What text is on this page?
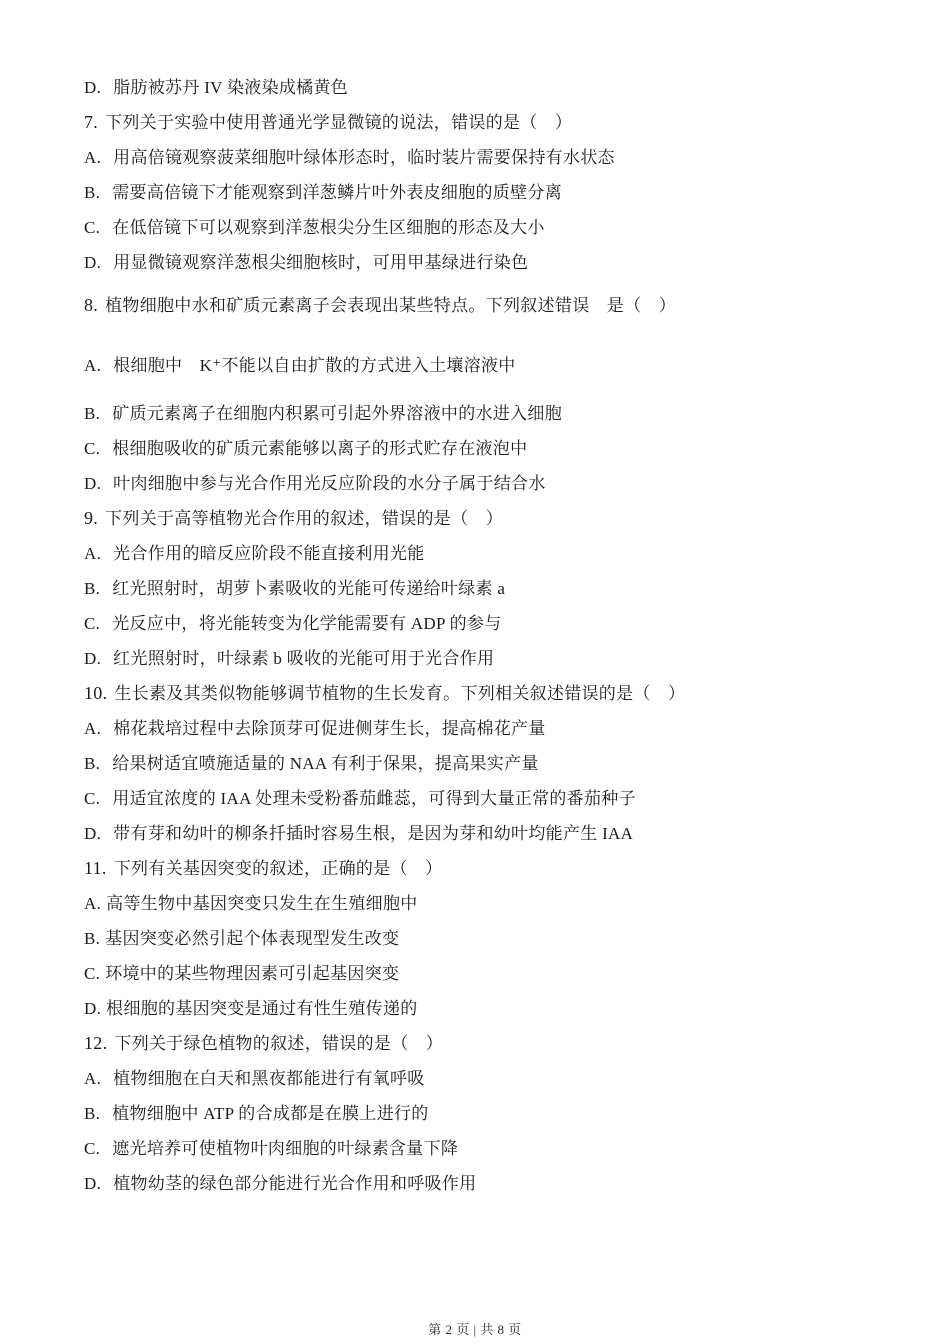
D. 脂肪被苏丹 IV 染液染成橘黄色
7. 下列关于实验中使用普通光学显微镜的说法，错误的是（　）
A. 用高倍镜观察菠菜细胞叶绿体形态时，临时装片需要保持有水状态
B. 需要高倍镜下才能观察到洋葱鳞片叶外表皮细胞的质壁分离
C. 在低倍镜下可以观察到洋葱根尖分生区细胞的形态及大小
D. 用显微镜观察洋葱根尖细胞核时，可用甲基绿进行染色
8. 植物细胞中水和矿质元素离子会表现出某些特点。下列叙述错误　是（　）
A. 根细胞中　K⁺不能以自由扩散的方式进入土壤溶液中
B. 矿质元素离子在细胞内积累可引起外界溶液中的水进入细胞
C. 根细胞吸收的矿质元素能够以离子的形式贮存在液泡中
D. 叶肉细胞中参与光合作用光反应阶段的水分子属于结合水
9. 下列关于高等植物光合作用的叙述，错误的是（　）
A. 光合作用的暗反应阶段不能直接利用光能
B. 红光照射时，胡萝卜素吸收的光能可传递给叶绿素 a
C. 光反应中，将光能转变为化学能需要有 ADP 的参与
D. 红光照射时，叶绿素 b 吸收的光能可用于光合作用
10. 生长素及其类似物能够调节植物的生长发育。下列相关叙述错误的是（　）
A. 棉花栽培过程中去除顶芽可促进侧芽生长，提高棉花产量
B. 给果树适宜喷施适量的 NAA 有利于保果，提高果实产量
C. 用适宜浓度的 IAA 处理未受粉番茄雌蕊，可得到大量正常的番茄种子
D. 带有芽和幼叶的柳条扦插时容易生根，是因为芽和幼叶均能产生 IAA
11. 下列有关基因突变的叙述，正确的是（　）
A. 高等生物中基因突变只发生在生殖细胞中
B. 基因突变必然引起个体表现型发生改变
C. 环境中的某些物理因素可引起基因突变
D. 根细胞的基因突变是通过有性生殖传递的
12. 下列关于绿色植物的叙述，错误的是（　）
A. 植物细胞在白天和黑夜都能进行有氧呼吸
B. 植物细胞中 ATP 的合成都是在膜上进行的
C. 遮光培养可使植物叶肉细胞的叶绿素含量下降
D. 植物幼茎的绿色部分能进行光合作用和呼吸作用
第 2 页 | 共 8 页
